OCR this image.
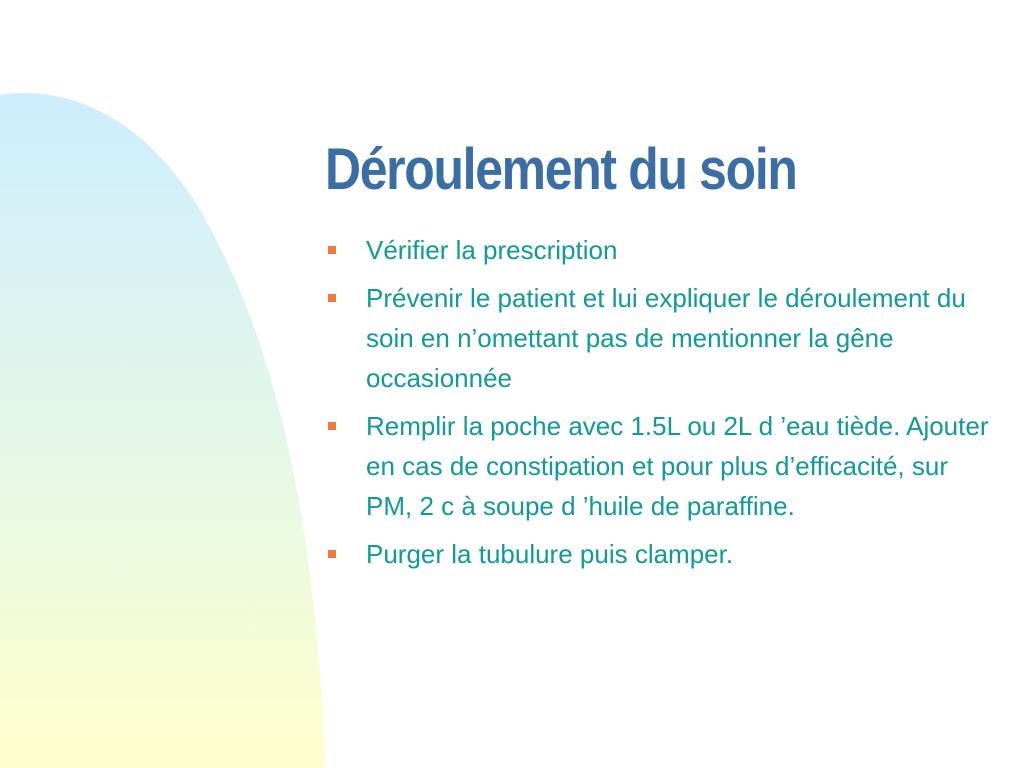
Déroulement du soin
Vérifier la prescription
Prévenir le patient et lui expliquer le déroulement du soin en n’omettant pas de mentionner la gêne occasionnée
Remplir la poche avec 1.5L ou 2L d ’eau tiède. Ajouter en cas de constipation et pour plus d’efficacité, sur PM, 2 c à soupe d ’huile de paraffine.
Purger la tubulure puis clamper.
